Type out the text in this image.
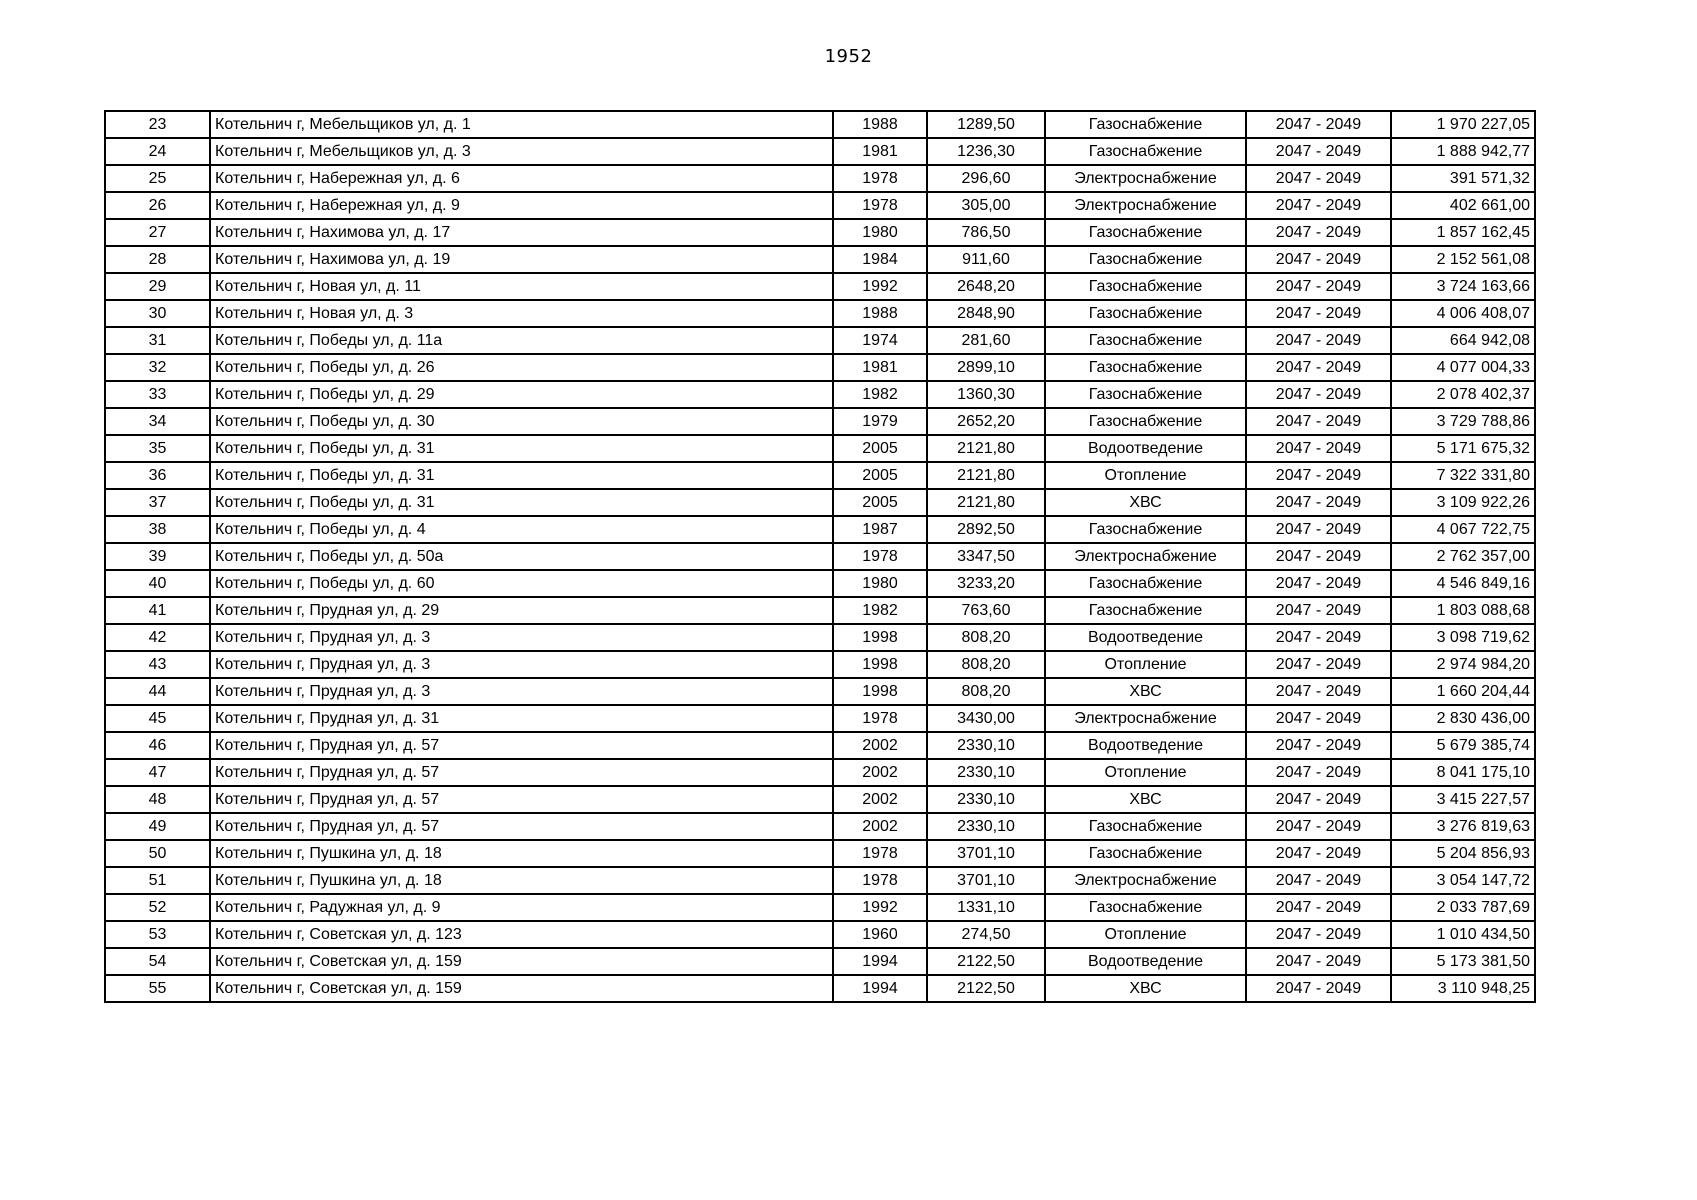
1952
23	Котельнич г, Мебельщиков ул, д. 1	1988	1289,50	Газоснабжение	2047 - 2049	1 970 227,05
24	Котельнич г, Мебельщиков ул, д. 3	1981	1236,30	Газоснабжение	2047 - 2049	1 888 942,77
25	Котельнич г, Набережная ул, д. 6	1978	296,60	Электроснабжение	2047 - 2049	391 571,32
26	Котельнич г, Набережная ул, д. 9	1978	305,00	Электроснабжение	2047 - 2049	402 661,00
27	Котельнич г, Нахимова ул, д. 17	1980	786,50	Газоснабжение	2047 - 2049	1 857 162,45
28	Котельнич г, Нахимова ул, д. 19	1984	911,60	Газоснабжение	2047 - 2049	2 152 561,08
29	Котельнич г, Новая ул, д. 11	1992	2648,20	Газоснабжение	2047 - 2049	3 724 163,66
30	Котельнич г, Новая ул, д. 3	1988	2848,90	Газоснабжение	2047 - 2049	4 006 408,07
31	Котельнич г, Победы ул, д. 11а	1974	281,60	Газоснабжение	2047 - 2049	664 942,08
32	Котельнич г, Победы ул, д. 26	1981	2899,10	Газоснабжение	2047 - 2049	4 077 004,33
33	Котельнич г, Победы ул, д. 29	1982	1360,30	Газоснабжение	2047 - 2049	2 078 402,37
34	Котельнич г, Победы ул, д. 30	1979	2652,20	Газоснабжение	2047 - 2049	3 729 788,86
35	Котельнич г, Победы ул, д. 31	2005	2121,80	Водоотведение	2047 - 2049	5 171 675,32
36	Котельнич г, Победы ул, д. 31	2005	2121,80	Отопление	2047 - 2049	7 322 331,80
37	Котельнич г, Победы ул, д. 31	2005	2121,80	ХВС	2047 - 2049	3 109 922,26
38	Котельнич г, Победы ул, д. 4	1987	2892,50	Газоснабжение	2047 - 2049	4 067 722,75
39	Котельнич г, Победы ул, д. 50а	1978	3347,50	Электроснабжение	2047 - 2049	2 762 357,00
40	Котельнич г, Победы ул, д. 60	1980	3233,20	Газоснабжение	2047 - 2049	4 546 849,16
41	Котельнич г, Прудная ул, д. 29	1982	763,60	Газоснабжение	2047 - 2049	1 803 088,68
42	Котельнич г, Прудная ул, д. 3	1998	808,20	Водоотведение	2047 - 2049	3 098 719,62
43	Котельнич г, Прудная ул, д. 3	1998	808,20	Отопление	2047 - 2049	2 974 984,20
44	Котельнич г, Прудная ул, д. 3	1998	808,20	ХВС	2047 - 2049	1 660 204,44
45	Котельнич г, Прудная ул, д. 31	1978	3430,00	Электроснабжение	2047 - 2049	2 830 436,00
46	Котельнич г, Прудная ул, д. 57	2002	2330,10	Водоотведение	2047 - 2049	5 679 385,74
47	Котельнич г, Прудная ул, д. 57	2002	2330,10	Отопление	2047 - 2049	8 041 175,10
48	Котельнич г, Прудная ул, д. 57	2002	2330,10	ХВС	2047 - 2049	3 415 227,57
49	Котельнич г, Прудная ул, д. 57	2002	2330,10	Газоснабжение	2047 - 2049	3 276 819,63
50	Котельнич г, Пушкина ул, д. 18	1978	3701,10	Газоснабжение	2047 - 2049	5 204 856,93
51	Котельнич г, Пушкина ул, д. 18	1978	3701,10	Электроснабжение	2047 - 2049	3 054 147,72
52	Котельнич г, Радужная ул, д. 9	1992	1331,10	Газоснабжение	2047 - 2049	2 033 787,69
53	Котельнич г, Советская ул, д. 123	1960	274,50	Отопление	2047 - 2049	1 010 434,50
54	Котельнич г, Советская ул, д. 159	1994	2122,50	Водоотведение	2047 - 2049	5 173 381,50
55	Котельнич г, Советская ул, д. 159	1994	2122,50	ХВС	2047 - 2049	3 110 948,25
